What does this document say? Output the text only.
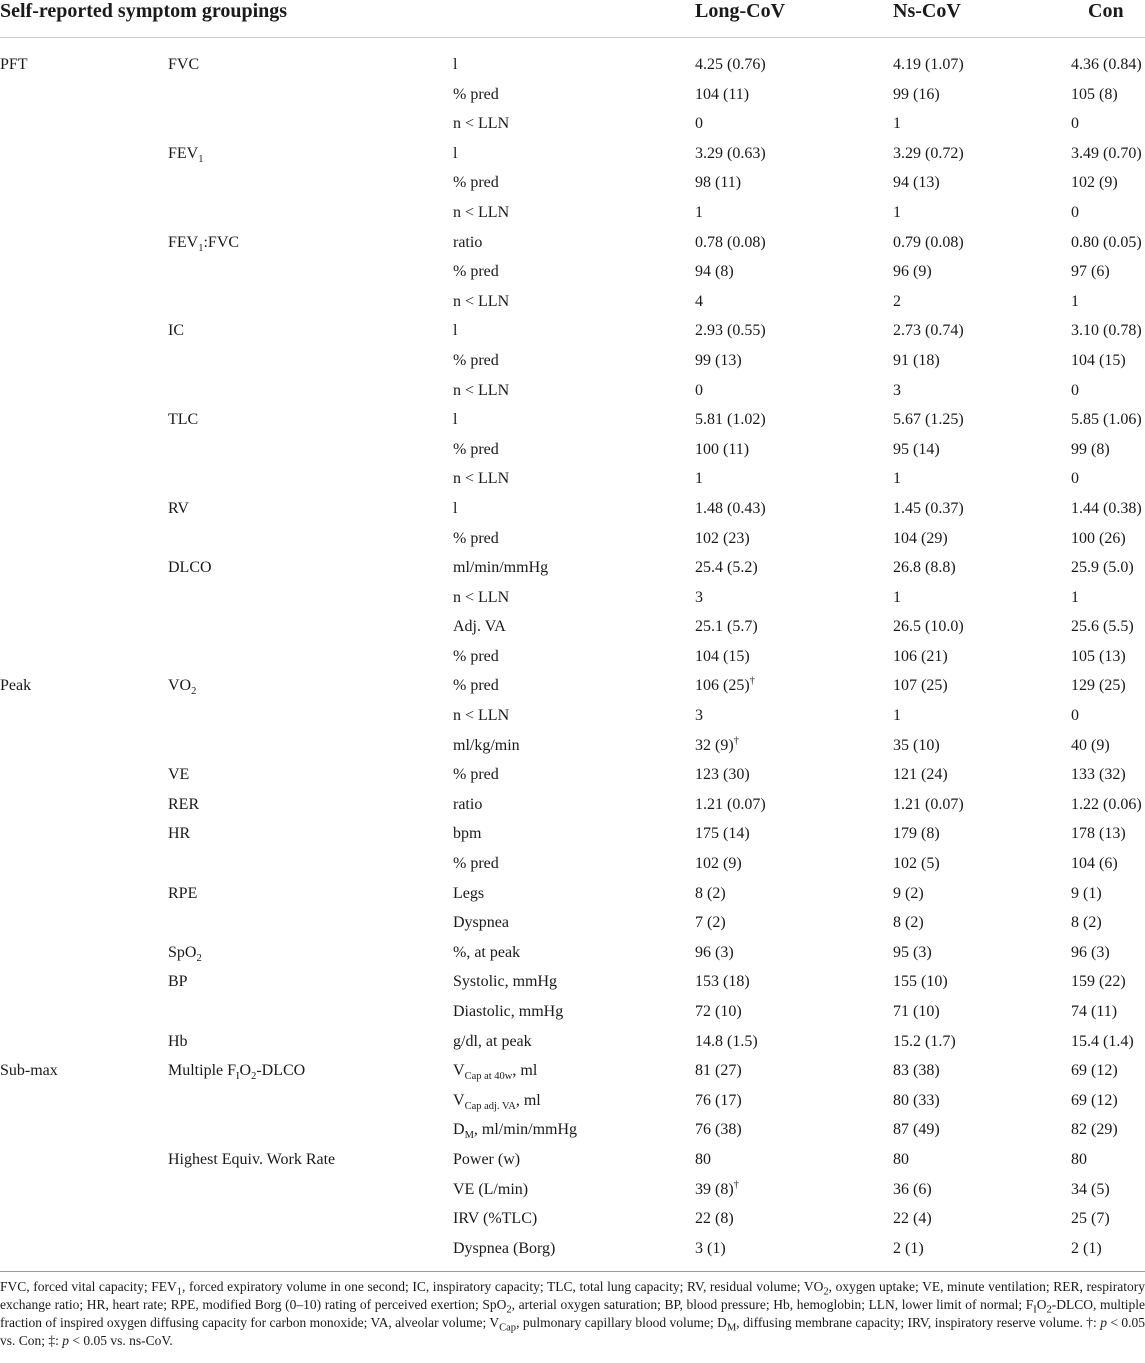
Self-reported symptom groupings	Long-CoV	Ns-CoV	Con
PFT	FVC	l	4.25 (0.76)	4.19 (1.07)	4.36 (0.84)
% pred	104 (11)	99 (16)	105 (8)
n < LLN	0	1	0
$FEV_1$	l	3.29 (0.63)	3.29 (0.72)	3.49 (0.70)
% pred	98 (11)	94 (13)	102 (9)
n < LLN	1	1	0
$FEV_1:FVC$	ratio	0.78 (0.08)	0.79 (0.08)	0.80 (0.05)
% pred	94 (8)	96 (9)	97 (6)
n < LLN	4	2	1
IC	l	2.93 (0.55)	2.73 (0.74)	3.10 (0.78)
% pred	99 (13)	91 (18)	104 (15)
n < LLN	0	3	0
TLC	l	5.81 (1.02)	5.67 (1.25)	5.85 (1.06)
% pred	100 (11)	95 (14)	99 (8)
n < LLN	1	1	0
RV	l	1.48 (0.43)	1.45 (0.37)	1.44 (0.38)
% pred	102 (23)	104 (29)	100 (26)
DLCO	ml/min/mmHg	25.4 (5.2)	26.8 (8.8)	25.9 (5.0)
n < LLN	3	1	1
Adj. VA	25.1 (5.7)	26.5 (10.0)	25.6 (5.5)
% pred	104 (15)	106 (21)	105 (13)
Peak	$VO_2$	% pred	106 (25)†	107 (25)	129 (25)
n < LLN	3	1	0
ml/kg/min	32 (9)†	35 (10)	40 (9)
VE	% pred	123 (30)	121 (24)	133 (32)
RER	ratio	1.21 (0.07)	1.21 (0.07)	1.22 (0.06)
HR	bpm	175 (14)	179 (8)	178 (13)
% pred	102 (9)	102 (5)	104 (6)
RPE	Legs	8 (2)	9 (2)	9 (1)
Dyspnea	7 (2)	8 (2)	8 (2)
SpO$_2$	%, at peak	96 (3)	95 (3)	96 (3)
BP	Systolic, mmHg	153 (18)	155 (10)	159 (22)
Diastolic, mmHg	72 (10)	71 (10)	74 (11)
Hb	g/dl, at peak	14.8 (1.5)	15.2 (1.7)	15.4 (1.4)
Sub-max	Multiple $F_IO_2$-DLCO	$V_{Cap at 40w}$, ml	81 (27)	83 (38)	69 (12)
$V_{Cap adj. VA}$, ml	76 (17)	80 (33)	69 (12)
$D_M$, ml/min/mmHg	76 (38)	87 (49)	82 (29)
Highest Equiv. Work Rate	Power (w)	80	80	80
VE (L/min)	39 (8)†	36 (6)	34 (5)
IRV (%TLC)	22 (8)	22 (4)	25 (7)
Dyspnea (Borg)	3 (1)	2 (1)	2 (1)
FVC, forced vital capacity; $FEV_1$, forced expiratory volume in one second; IC, inspiratory capacity; TLC, total lung capacity; RV, residual volume; $VO_2$, oxygen uptake; VE, minute ventilation; RER, respiratory exchange ratio; HR, heart rate; RPE, modified Borg (0–10) rating of perceived exertion; SpO$_2$, arterial oxygen saturation; BP, blood pressure; Hb, hemoglobin; LLN, lower limit of normal; $F_IO_2$-DLCO, multiple fraction of inspired oxygen diffusing capacity for carbon monoxide; VA, alveolar volume; $V_{Cap}$, pulmonary capillary blood volume; $D_M$, diffusing membrane capacity; IRV, inspiratory reserve volume. †: p < 0.05 vs. Con; ‡: p < 0.05 vs. ns-CoV.
